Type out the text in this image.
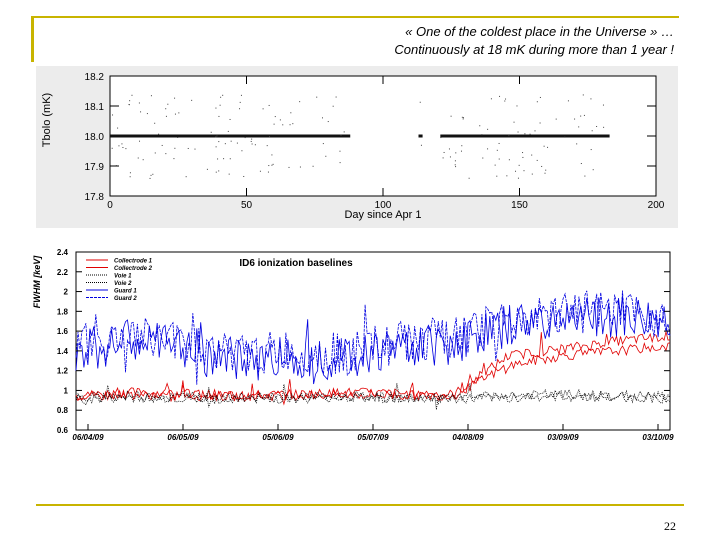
« One of the coldest place in the Universe » …
Continuously at 18 mK during more than 1 year !
0	50	100	150	200
17.8
17.9
18.0
18.1
18.2
Tbolo (mK)
Day since Apr 1
0.6
0.8
1
1.2
1.4
1.6
1.8
2
2.2
2.4
06/04/09	06/05/09	05/06/09	05/07/09	04/08/09	03/09/09	03/10/09
FWHM [keV]	ID6 ionization baselines
Collectrode 1
Collectrode 2
Voie 1
Voie 2
Guard 1
Guard 2
22
